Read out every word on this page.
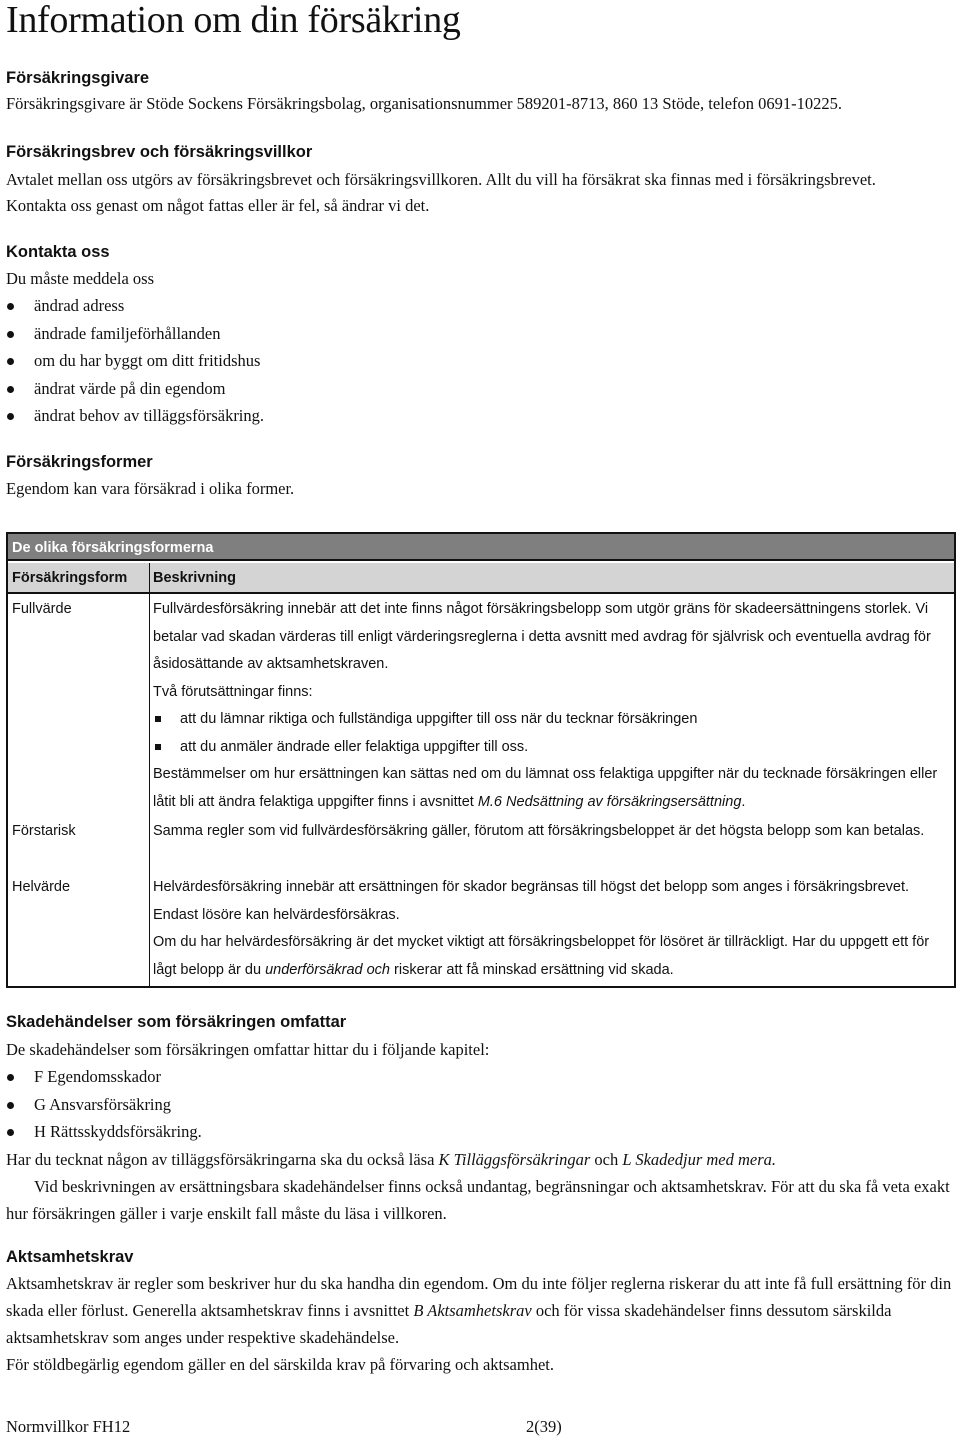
Information om din försäkring
Försäkringsgivare
Försäkringsgivare är Stöde Sockens Försäkringsbolag, organisationsnummer 589201-8713, 860 13 Stöde, telefon 0691-10225.
Försäkringsbrev och försäkringsvillkor
Avtalet mellan oss utgörs av försäkringsbrevet och försäkringsvillkoren. Allt du vill ha försäkrat ska finnas med i försäkringsbrevet. Kontakta oss genast om något fattas eller är fel, så ändrar vi det.
Kontakta oss
Du måste meddela oss
ändrad adress
ändrade familjeförhållanden
om du har byggt om ditt fritidshus
ändrat värde på din egendom
ändrat behov av tilläggsförsäkring.
Försäkringsformer
Egendom kan vara försäkrad i olika former.
De olika försäkringsformerna
Försäkringsform Beskrivning
Fullvärde	Fullvärdesförsäkring innebär att det inte finns något försäkringsbelopp som utgör gräns för skadeersättningens storlek. Vi betalar vad skadan värderas till enligt värderingsreglerna i detta avsnitt med avdrag för självrisk och eventuella avdrag för åsidosättande av aktsamhetskraven.
Två förutsättningar finns:
att du lämnar riktiga och fullständiga uppgifter till oss när du tecknar försäkringen
att du anmäler ändrade eller felaktiga uppgifter till oss.
Bestämmelser om hur ersättningen kan sättas ned om du lämnat oss felaktiga uppgifter när du tecknade försäkringen eller låtit bli att ändra felaktiga uppgifter finns i avsnittet M.6 Nedsättning av försäkringsersättning.
Förstarisk	Samma regler som vid fullvärdesförsäkring gäller, förutom att försäkringsbeloppet är det högsta belopp som kan betalas.
Helvärde	Helvärdesförsäkring innebär att ersättningen för skador begränsas till högst det belopp som anges i försäkringsbrevet. Endast lösöre kan helvärdesförsäkras.
Om du har helvärdesförsäkring är det mycket viktigt att försäkringsbeloppet för lösöret är tillräckligt. Har du uppgett ett för lågt belopp är du underförsäkrad och riskerar att få minskad ersättning vid skada.
Skadehändelser som försäkringen omfattar
De skadehändelser som försäkringen omfattar hittar du i följande kapitel:
F Egendomsskador
G Ansvarsförsäkring
H Rättsskyddsförsäkring.
Har du tecknat någon av tilläggsförsäkringarna ska du också läsa K Tilläggsförsäkringar och L Skadedjur med mera.
Vid beskrivningen av ersättningsbara skadehändelser finns också undantag, begränsningar och aktsamhetskrav. För att du ska få veta exakt hur försäkringen gäller i varje enskilt fall måste du läsa i villkoren.
Aktsamhetskrav
Aktsamhetskrav är regler som beskriver hur du ska handha din egendom. Om du inte följer reglerna riskerar du att inte få full ersättning för din skada eller förlust. Generella aktsamhetskrav finns i avsnittet B Aktsamhetskrav och för vissa skadehändelser finns dessutom särskilda aktsamhetskrav som anges under respektive skadehändelse.
För stöldbegärlig egendom gäller en del särskilda krav på förvaring och aktsamhet.
Normvillkor FH12	2(39)
